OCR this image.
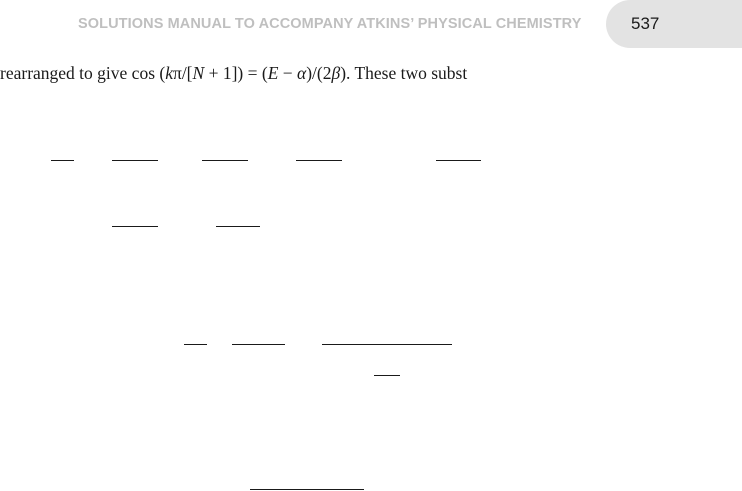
SOLUTIONS MANUAL TO ACCOMPANY ATKINS’ PHYSICAL CHEMISTRY	537
rearranged to give cos (kπ/[N + 1]) = (E − α)/(2β). These two subst
